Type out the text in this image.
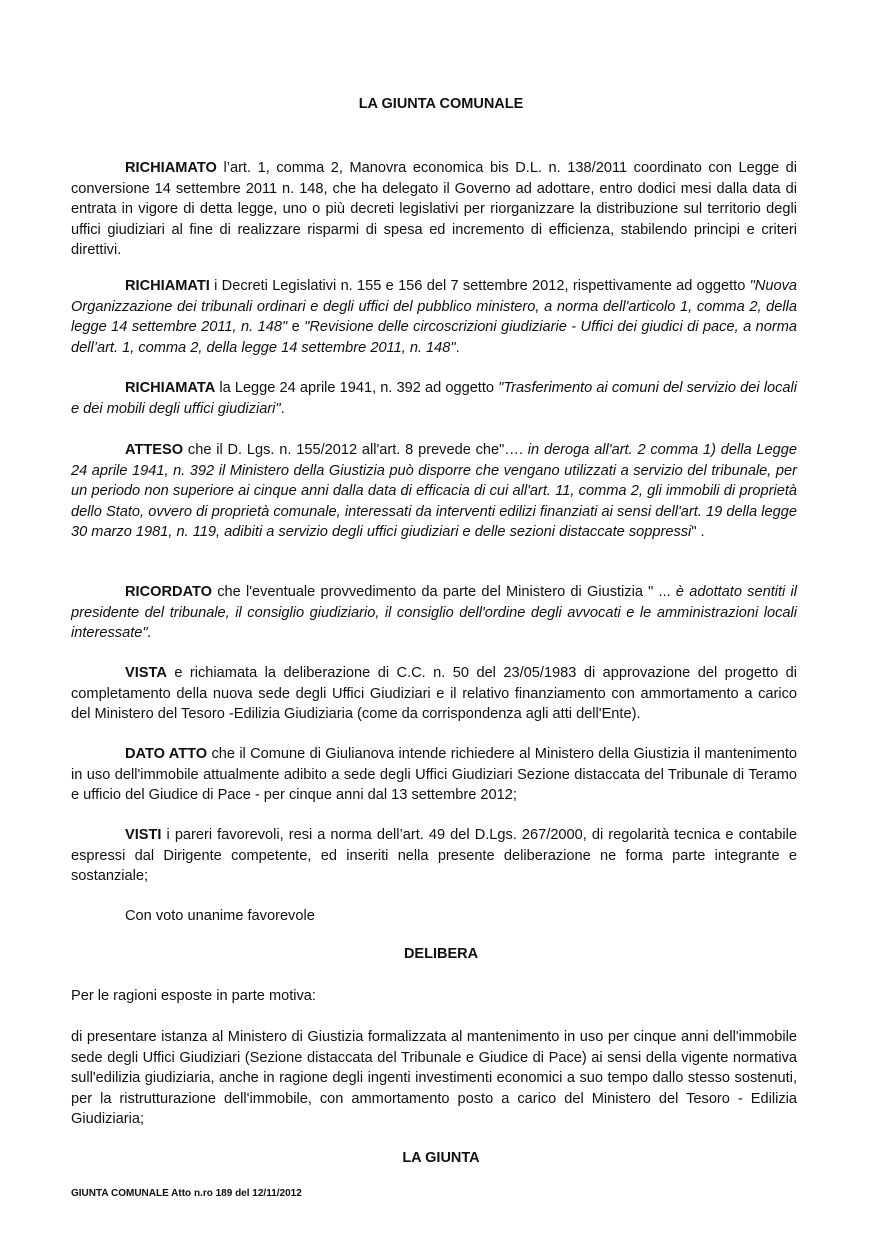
LA GIUNTA COMUNALE

RICHIAMATO l’art. 1, comma 2, Manovra economica bis D.L. n. 138/2011 coordinato con Legge di conversione 14 settembre 2011 n. 148, che ha delegato il Governo ad adottare, entro dodici mesi dalla data di entrata in vigore di detta legge, uno o più decreti legislativi per riorganizzare la distribuzione sul territorio degli uffici giudiziari al fine di realizzare risparmi di spesa ed incremento di efficienza, stabilendo principi e criteri direttivi.

RICHIAMATI i Decreti Legislativi n. 155 e 156 del 7 settembre 2012, rispettivamente ad oggetto "Nuova Organizzazione dei tribunali ordinari e degli uffici del pubblico ministero, a norma dell'articolo 1, comma 2, della legge 14 settembre 2011, n. 148" e "Revisione delle circoscrizioni giudiziarie - Uffici dei giudici di pace, a norma dell’art. 1, comma 2, della legge 14 settembre 2011, n. 148".

RICHIAMATA la Legge 24 aprile 1941, n. 392 ad oggetto "Trasferimento ai comuni del servizio dei locali e dei mobili degli uffici giudiziari".

ATTESO che il D. Lgs. n. 155/2012 all'art. 8 prevede che"…. in deroga all'art. 2 comma 1) della Legge 24 aprile 1941, n. 392 il Ministero della Giustizia può disporre che vengano utilizzati a servizio del tribunale, per un periodo non superiore ai cinque anni dalla data di efficacia di cui all'art. 11, comma 2, gli immobili di proprietà dello Stato, ovvero di proprietà comunale, interessati da interventi edilizi finanziati ai sensi dell'art. 19 della legge 30 marzo 1981, n. 119, adibiti a servizio degli uffici giudiziari e delle sezioni distaccate soppressi" .

RICORDATO che l'eventuale provvedimento da parte del Ministero di Giustizia " ... è adottato sentiti il presidente del tribunale, il consiglio giudiziario, il consiglio dell'ordine degli avvocati e le amministrazioni locali interessate".

VISTA e richiamata la deliberazione di C.C. n. 50 del 23/05/1983 di approvazione del progetto di completamento della nuova sede degli Uffici Giudiziari e il relativo finanziamento con ammortamento a carico del Ministero del Tesoro -Edilizia Giudiziaria (come da corrispondenza agli atti dell'Ente).

DATO ATTO che il Comune di Giulianova intende richiedere al Ministero della Giustizia il mantenimento in uso dell'immobile attualmente adibito a sede degli Uffici Giudiziari Sezione distaccata del Tribunale di Teramo e ufficio del Giudice di Pace - per cinque anni dal 13 settembre 2012;

VISTI i pareri favorevoli, resi a norma dell’art. 49 del D.Lgs. 267/2000, di regolarità tecnica e contabile espressi dal Dirigente competente, ed inseriti nella presente deliberazione ne forma parte integrante e sostanziale;

Con voto unanime favorevole

DELIBERA

Per le ragioni esposte in parte motiva:

di presentare istanza al Ministero di Giustizia formalizzata al mantenimento in uso per cinque anni dell'immobile sede degli Uffici Giudiziari (Sezione distaccata del Tribunale e Giudice di Pace) ai sensi della vigente normativa sull'edilizia giudiziaria, anche in ragione degli ingenti investimenti economici a suo tempo dallo stesso sostenuti, per la ristrutturazione dell'immobile, con ammortamento posto a carico del Ministero del Tesoro - Edilizia Giudiziaria;

LA GIUNTA
GIUNTA COMUNALE Atto n.ro 189 del 12/11/2012
